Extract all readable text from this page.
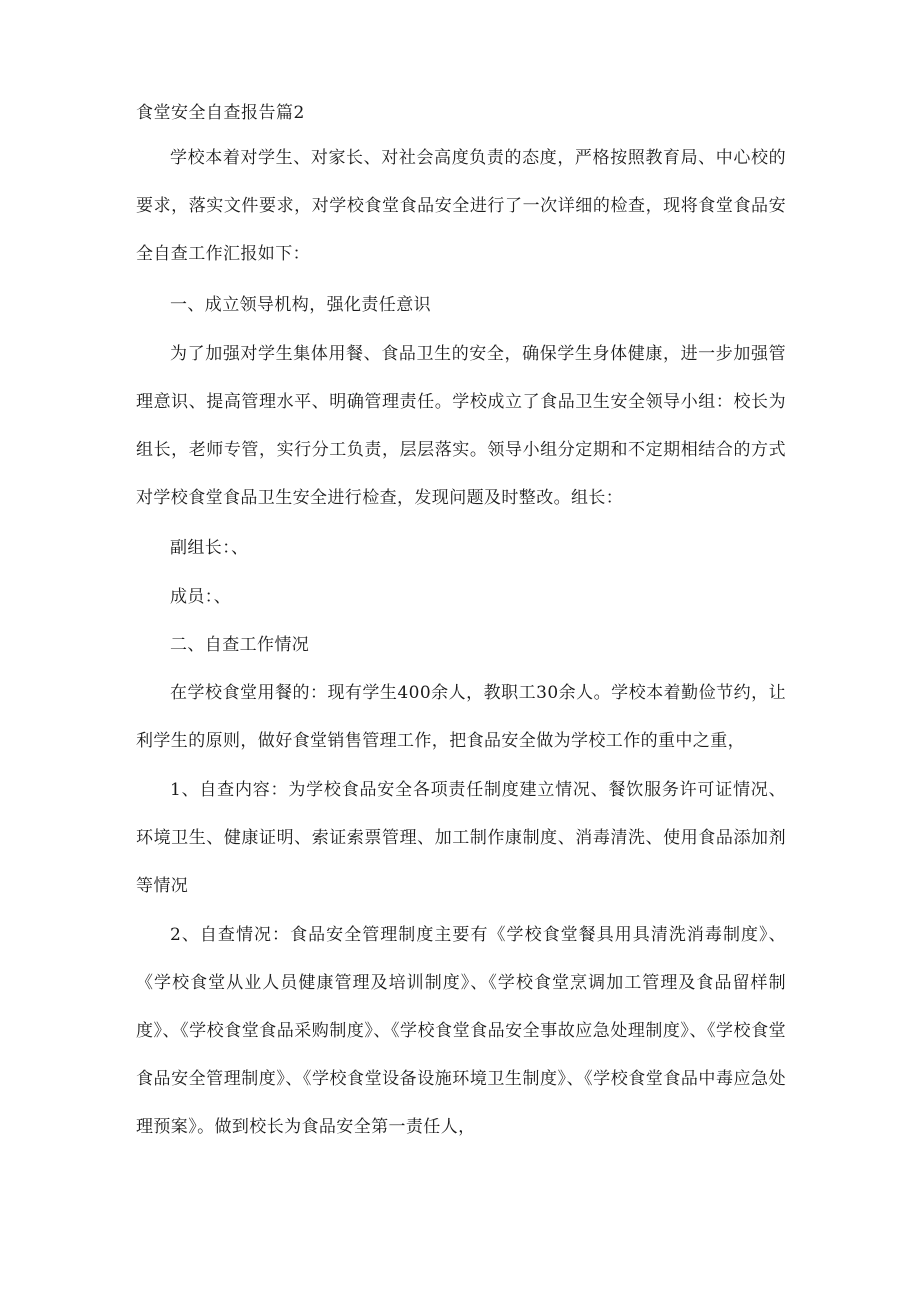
食堂安全自查报告篇2

学校本着对学生、对家长、对社会高度负责的态度，严格按照教育局、中心校的要求，落实文件要求，对学校食堂食品安全进行了一次详细的检查，现将食堂食品安全自查工作汇报如下：

一、成立领导机构，强化责任意识

为了加强对学生集体用餐、食品卫生的安全，确保学生身体健康，进一步加强管理意识、提高管理水平、明确管理责任。学校成立了食品卫生安全领导小组：校长为组长，老师专管，实行分工负责，层层落实。领导小组分定期和不定期相结合的方式对学校食堂食品卫生安全进行检查，发现问题及时整改。组长：

副组长：、

成员：、

二、自查工作情况

在学校食堂用餐的：现有学生400余人，教职工30余人。学校本着勤俭节约，让利学生的原则，做好食堂销售管理工作，把食品安全做为学校工作的重中之重，

1、自查内容：为学校食品安全各项责任制度建立情况、餐饮服务许可证情况、环境卫生、健康证明、索证索票管理、加工制作康制度、消毒清洗、使用食品添加剂等情况

2、自查情况：食品安全管理制度主要有《学校食堂餐具用具清洗消毒制度》、《学校食堂从业人员健康管理及培训制度》、《学校食堂烹调加工管理及食品留样制度》、《学校食堂食品采购制度》、《学校食堂食品安全事故应急处理制度》、《学校食堂食品安全管理制度》、《学校食堂设备设施环境卫生制度》、《学校食堂食品中毒应急处理预案》。做到校长为食品安全第一责任人，
